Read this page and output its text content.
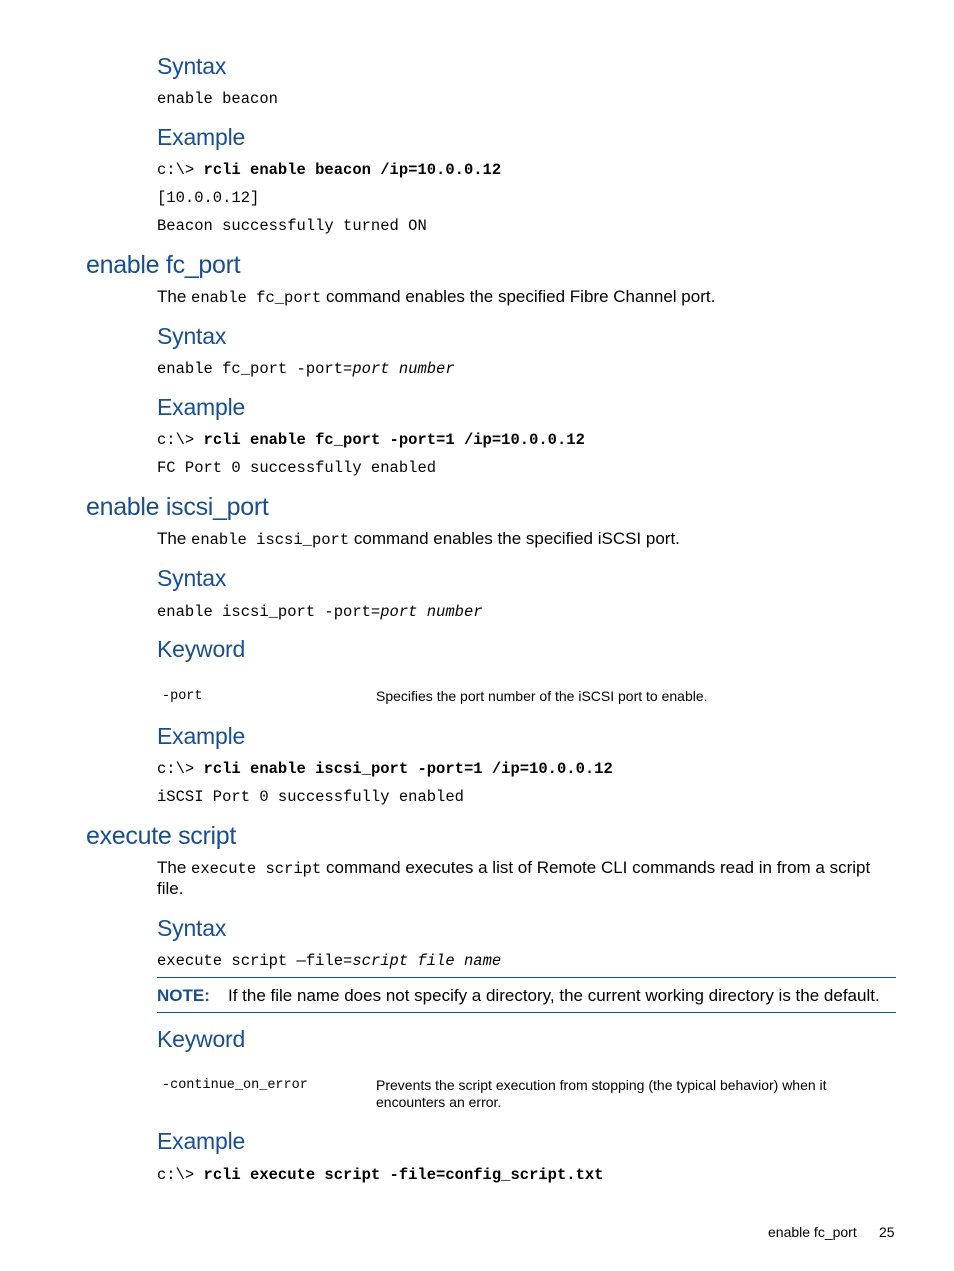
Syntax
enable beacon
Example
c:\> rcli enable beacon /ip=10.0.0.12
[10.0.0.12]
Beacon successfully turned ON
enable fc_port
The enable fc_port command enables the specified Fibre Channel port.
Syntax
enable fc_port -port=port number
Example
c:\> rcli enable fc_port -port=1 /ip=10.0.0.12
FC Port 0 successfully enabled
enable iscsi_port
The enable iscsi_port command enables the specified iSCSI port.
Syntax
enable iscsi_port -port=port number
Keyword
-port	Specifies the port number of the iSCSI port to enable.
Example
c:\> rcli enable iscsi_port -port=1 /ip=10.0.0.12
iSCSI Port 0 successfully enabled
execute script
The execute script command executes a list of Remote CLI commands read in from a script
file.
Syntax
execute script —file=script file name
NOTE: If the file name does not specify a directory, the current working directory is the default.
Keyword
-continue_on_error	Prevents the script execution from stopping (the typical behavior) when it encounters an error.
Example
c:\> rcli execute script -file=config_script.txt
enable fc_port 25
